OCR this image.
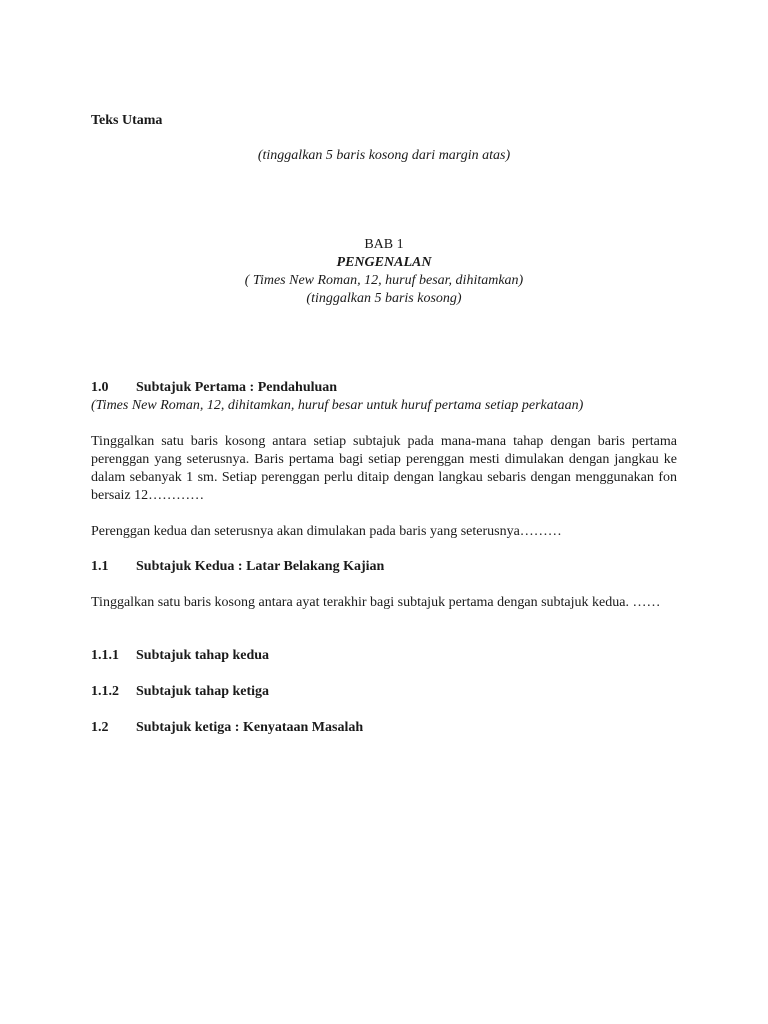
Teks Utama
(tinggalkan 5 baris kosong dari margin atas)
BAB 1
PENGENALAN
( Times New Roman, 12, huruf besar, dihitamkan)
(tinggalkan 5 baris kosong)
1.0 Subtajuk Pertama : Pendahuluan
(Times New Roman, 12, dihitamkan, huruf besar untuk huruf pertama setiap perkataan)
Tinggalkan satu baris kosong antara setiap subtajuk pada mana-mana tahap dengan baris pertama perenggan yang seterusnya. Baris pertama bagi setiap perenggan mesti dimulakan dengan jangkau ke dalam sebanyak 1 sm. Setiap perenggan perlu ditaip dengan langkau sebaris dengan menggunakan fon bersaiz 12…………
Perenggan kedua dan seterusnya akan dimulakan pada baris yang seterusnya………
1.1 Subtajuk Kedua : Latar Belakang Kajian
Tinggalkan satu baris kosong antara ayat terakhir bagi subtajuk pertama dengan subtajuk kedua. ……
1.1.1 Subtajuk tahap kedua
1.1.2 Subtajuk tahap ketiga
1.2 Subtajuk ketiga : Kenyataan Masalah
